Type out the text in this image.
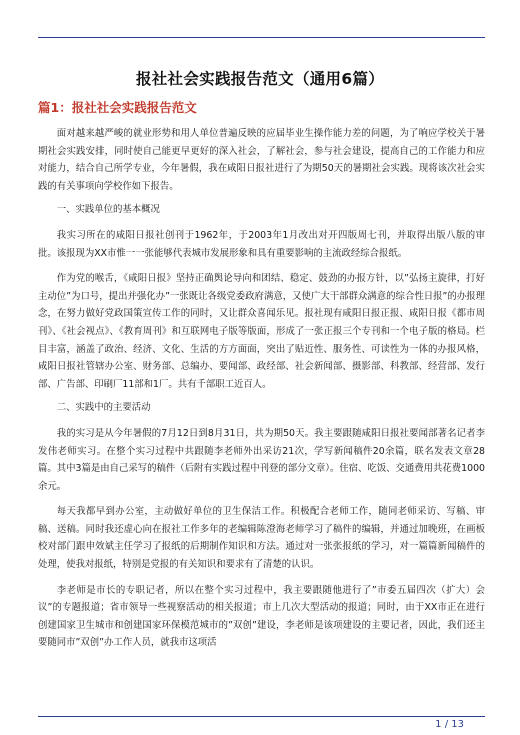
报社社会实践报告范文（通用6篇）
篇1：报社社会实践报告范文

面对越来越严峻的就业形势和用人单位普遍反映的应届毕业生操作能力差的问题，为了响应学校关于暑期社会实践安排，同时使自己能更早更好的深入社会，了解社会，参与社会建设，提高自己的工作能力和应对能力，结合自己所学专业，今年暑假，我在咸阳日报社进行了为期50天的暑期社会实践。现将该次社会实践的有关事项向学校作如下报告。

一、实践单位的基本概况

我实习所在的咸阳日报社创刊于1962年，于2003年1月改出对开四版周七刊，并取得出版八版的审批。该报现为XX市惟一一张能够代表城市发展形象和具有重要影响的主流政经综合报纸。

作为党的喉舌，《咸阳日报》坚持正确舆论导向和团结、稳定、鼓劲的办报方针，以”弘扬主旋律，打好主动位”为口号，提出并强化办”一张既让各级党委政府满意，又使广大干部群众满意的综合性日报”的办报理念，在努力做好党政国策宣传工作的同时，又让群众喜闻乐见。报社现有咸阳日报正报、咸阳日报《都市周刊》、《社会视点》、《教育周刊》和互联网电子版等版面，形成了一张正报三个专刊和一个电子版的格局。栏目丰富，涵盖了政治、经济、文化、生活的方方面面，突出了贴近性、服务性、可读性为一体的办报风格，咸阳日报社管辖办公室、财务部、总编办、要闻部、政经部、社会新闻部、摄影部、科教部、经营部、发行部、广告部、印刷厂11部和1厂。共有千部职工近百人。

二、实践中的主要活动

我的实习是从今年暑假的7月12日到8月31日，共为期50天。我主要跟随咸阳日报社要闻部著名记者李发伟老师实习。在整个实习过程中共跟随李老师外出采访21次，学写新闻稿件20余篇，联名发表文章28篇。其中3篇是由自己采写的稿件（后附有实践过程中刊登的部分文章）。住宿、吃饭、交通费用共花费1000余元。

每天我都早到办公室，主动做好单位的卫生保洁工作。积极配合老师工作，随同老师采访、写稿、审稿、送稿。同时我还虚心向在报社工作多年的老编辑陈澄海老师学习了稿件的编辑，并通过加晚班，在画板校对部门跟申效斌主任学习了报纸的后期制作知识和方法。通过对一张张报纸的学习，对一篇篇新闻稿件的处理，使我对报纸，特别是党报的有关知识和要求有了清楚的认识。

李老师是市长的专职记者，所以在整个实习过程中，我主要跟随他进行了”市委五届四次（扩大）会议”的专题报道；省市领导一些视察活动的相关报道；市上几次大型活动的报道；同时，由于XX市正在进行创建国家卫生城市和创建国家环保模范城市的”双创”建设，李老师是该项建设的主要记者，因此，我们还主要随同市”双创”办工作人员，就我市这项活

1 / 13
